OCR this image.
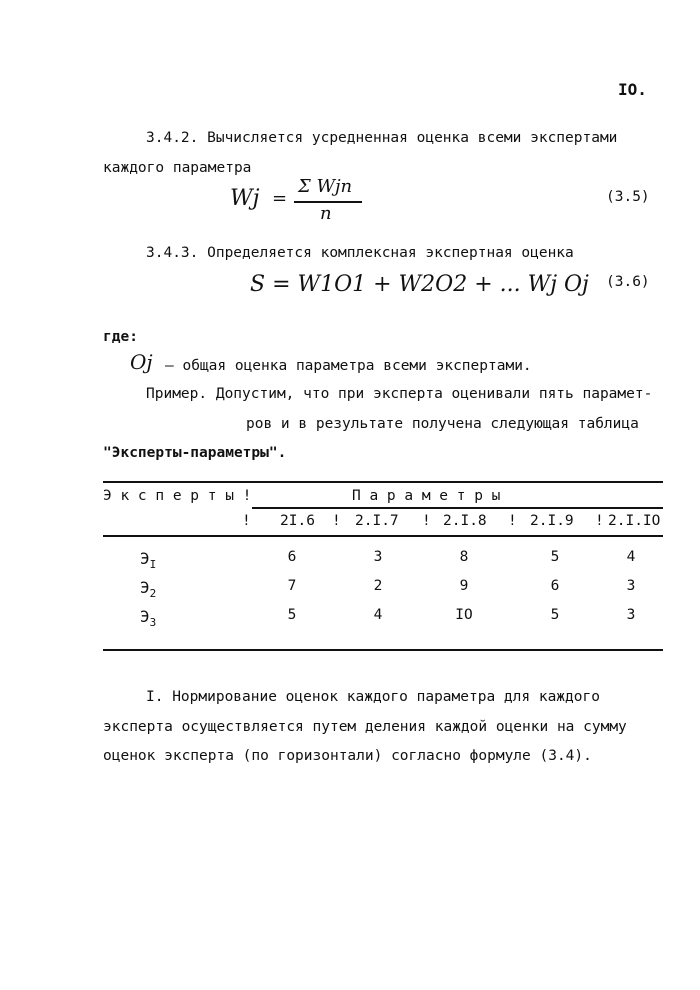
IO.
3.4.2. Вычисляется усредненная оценка всеми экспертами
каждого параметра
Wj =
Σ Wjn
n
(3.5)
3.4.3. Определяется комплексная экспертная оценка
S = W1O1 + W2O2 + ... Wj Oj (3.6)
где:
Oj – общая оценка параметра всеми экспертами.
Пример. Допустим, что при эксперта оценивали пять парамет-
ров и в результате получена следующая таблица
"Эксперты-параметры".
Э к с п е р т ы !	П а р а м е т р ы
! 2I.6 ! 2.I.7 ! 2.I.8 ! 2.I.9 ! 2.I.IO
$Э_I$	6	3	8	5	4
$Э_2$	7	2	9	6	3
$Э_3$	5	4	IO	5	3
I. Нормирование оценок каждого параметра для каждого
эксперта осуществляется путем деления каждой оценки на сумму
оценок эксперта (по горизонтали) согласно формуле (3.4).
